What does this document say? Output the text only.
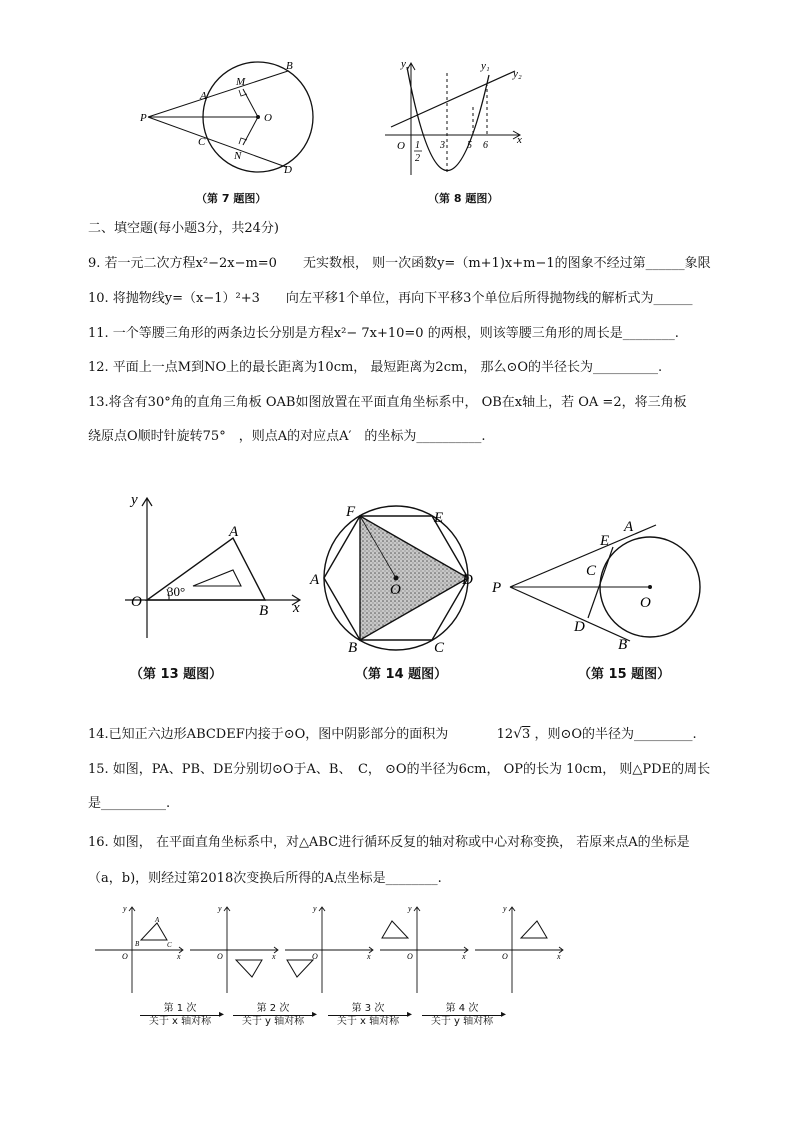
P
A
M
B
O
C
N
D
（第 7 题图）
y	y₁
y₂
x
O 1
2
3 5 6
（第 8 题图）
二、填空题(每小题3分，共24分)
9. 若一元二次方程x²−2x−m=0　　无实数根， 则一次函数y=（m+1)x+m−1的图象不经过第______象限
10. 将抛物线y=（x−1）²+3　　向左平移1个单位，再向下平移3个单位后所得抛物线的解析式为______
11. 一个等腰三角形的两条边长分别是方程x²− 7x+10=0 的两根，则该等腰三角形的周长是________.
12. 平面上一点M到ΝΟ上的最长距离为10cm， 最短距离为2cm， 那么⊙O的半径长为__________.
13.将含有30°角的直角三角板 OAB如图放置在平面直角坐标系中， OB在x轴上，若 OA =2，将三角板
绕原点O顺时针旋转75°　，则点A的对应点A′　的坐标为__________.
y
A
30°
O
B x
（第 13 题图）
F	E
A	D
O
B	C
（第 14 题图）
P
A
E
C
O
D
B
（第 15 题图）
14.已知正六边形ABCDEF内接于⊙O，图中阴影部分的面积为	12√3 ，则⊙O的半径为_________.
15. 如图，PA、PB、DE分别切⊙O于A、B、　C， ⊙O的半径为6cm， OP的长为 10cm， 则△PDE的周长
是__________.
16. 如图， 在平面直角坐标系中，对△ABC进行循环反复的轴对称或中心对称变换， 若原来点A的坐标是
（a，b)，则经过第2018次变换后所得的A点坐标是________.
y
x
O
A
B	C
y
x
O
y
x
O
y
x
O
y
x
O
第 1 次
▸
关于 x 轴对称
第 2 次
▸
关于 y 轴对称
第 3 次
▸
关于 x 轴对称
第 4 次
▸
关于 y 轴对称
